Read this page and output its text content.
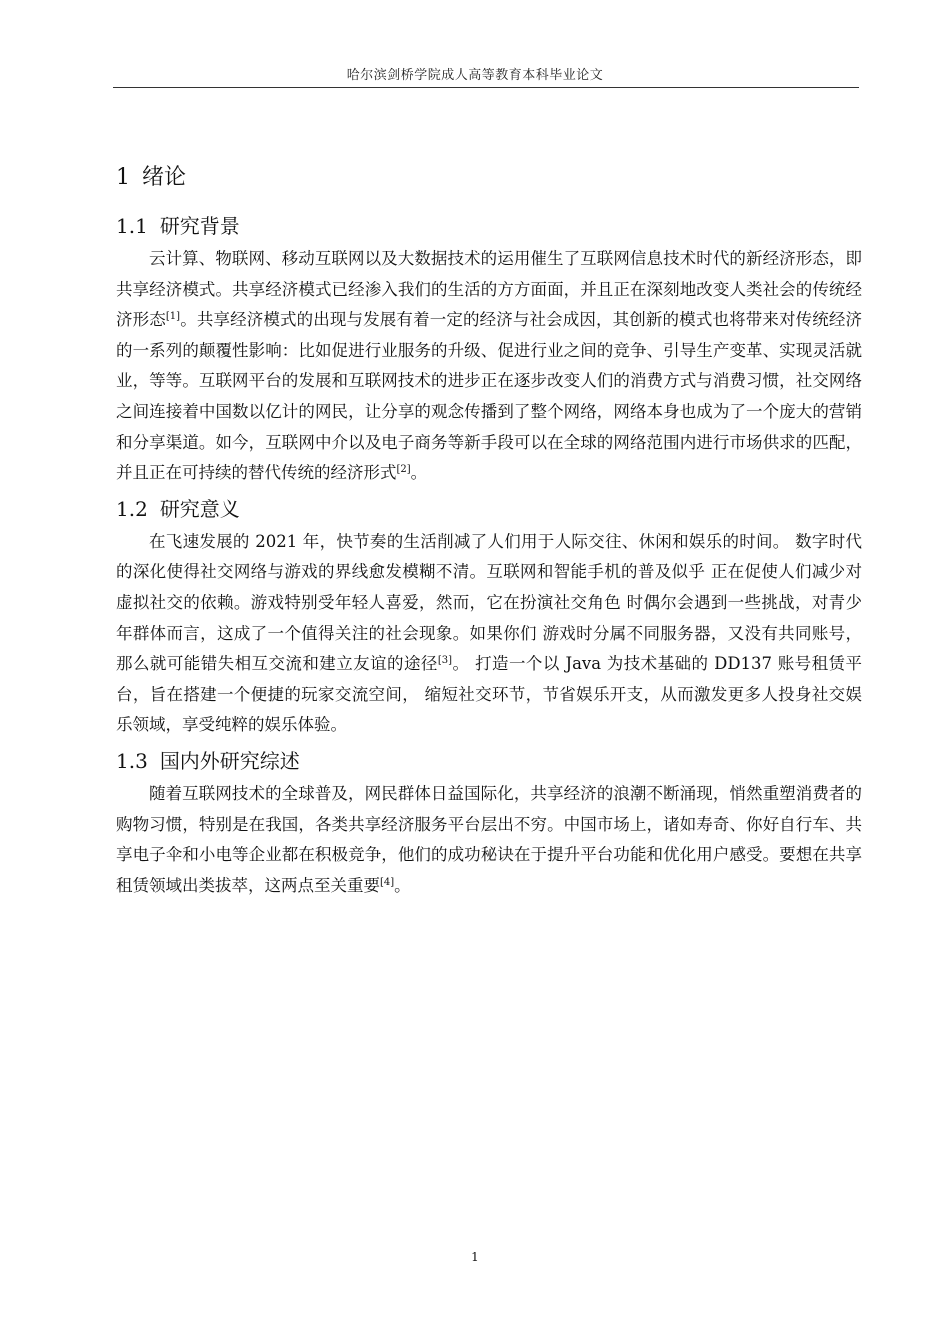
哈尔滨剑桥学院成人高等教育本科毕业论文
1 绪论
1.1 研究背景

云计算、物联网、移动互联网以及大数据技术的运用催生了互联网信息技术时代的新经济形态，即共享经济模式。共享经济模式已经渗入我们的生活的方方面面，并且正在深刻地改变人类社会的传统经济形态[1]。共享经济模式的出现与发展有着一定的经济与社会成因，其创新的模式也将带来对传统经济的一系列的颠覆性影响：比如促进行业服务的升级、促进行业之间的竞争、引导生产变革、实现灵活就业，等等。互联网平台的发展和互联网技术的进步正在逐步改变人们的消费方式与消费习惯，社交网络之间连接着中国数以亿计的网民，让分享的观念传播到了整个网络，网络本身也成为了一个庞大的营销和分享渠道。如今，互联网中介以及电子商务等新手段可以在全球的网络范围内进行市场供求的匹配，并且正在可持续的替代传统的经济形式[2]。

1.2 研究意义

在飞速发展的 2021 年，快节奏的生活削减了人们用于人际交往、休闲和娱乐的时间。 数字时代的深化使得社交网络与游戏的界线愈发模糊不清。互联网和智能手机的普及似乎 正在促使人们减少对虚拟社交的依赖。游戏特别受年轻人喜爱，然而，它在扮演社交角色 时偶尔会遇到一些挑战，对青少年群体而言，这成了一个值得关注的社会现象。如果你们 游戏时分属不同服务器，又没有共同账号，那么就可能错失相互交流和建立友谊的途径[3]。 打造一个以 Java 为技术基础的 DD137 账号租赁平台，旨在搭建一个便捷的玩家交流空间， 缩短社交环节，节省娱乐开支，从而激发更多人投身社交娱乐领域，享受纯粹的娱乐体验。

1.3 国内外研究综述

随着互联网技术的全球普及，网民群体日益国际化，共享经济的浪潮不断涌现，悄然重塑消费者的购物习惯，特别是在我国，各类共享经济服务平台层出不穷。中国市场上，诸如寿奇、你好自行车、共享电子伞和小电等企业都在积极竞争，他们的成功秘诀在于提升平台功能和优化用户感受。要想在共享租赁领域出类拔萃，这两点至关重要[4]。

1
